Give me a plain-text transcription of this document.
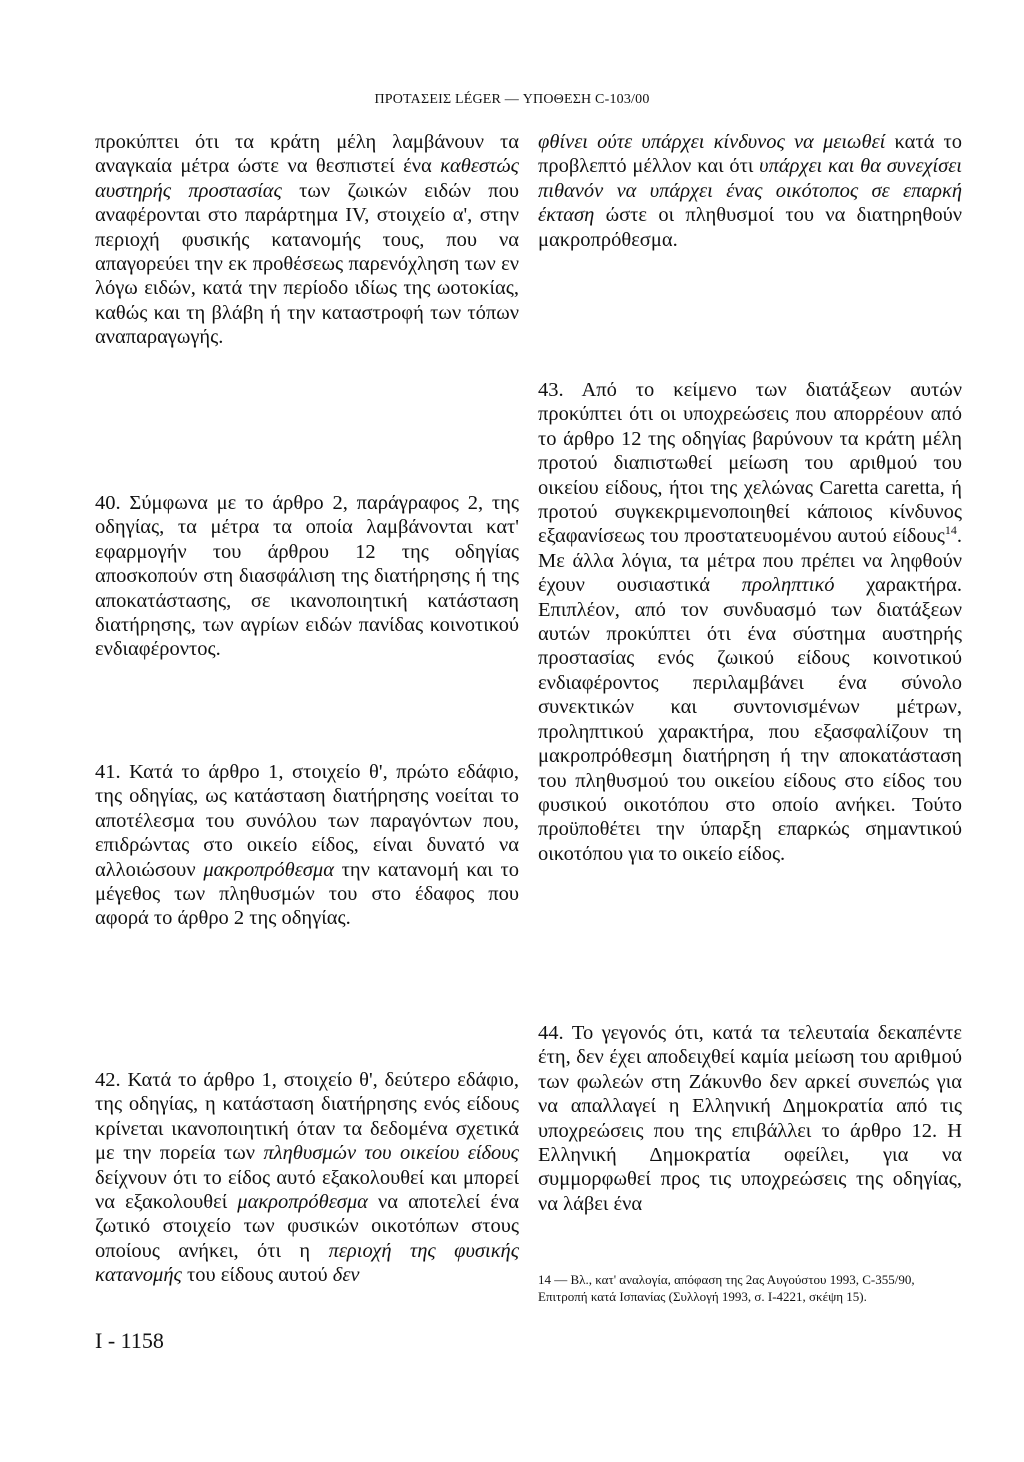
ΠΡΟΤΑΣΕΙΣ LÉGER — ΥΠΟΘΕΣΗ C-103/00

προκύπτει ότι τα κράτη μέλη λαμβάνουν τα αναγκαία μέτρα ώστε να θεσπιστεί ένα καθεστώς αυστηρής προστασίας των ζωικών ειδών που αναφέρονται στο παράρτημα IV, στοιχείο α', στην περιοχή φυσικής κατανομής τους, που να απαγορεύει την εκ προθέσεως παρενόχληση των εν λόγω ειδών, κατά την περίοδο ιδίως της ωοτοκίας, καθώς και τη βλάβη ή την καταστροφή των τόπων αναπαραγωγής.

40. Σύμφωνα με το άρθρο 2, παράγραφος 2, της οδηγίας, τα μέτρα τα οποία λαμβάνονται κατ' εφαρμογήν του άρθρου 12 της οδηγίας αποσκοπούν στη διασφάλιση της διατήρησης ή της αποκατάστασης, σε ικανοποιητική κατάσταση διατήρησης, των αγρίων ειδών πανίδας κοινοτικού ενδιαφέροντος.

41. Κατά το άρθρο 1, στοιχείο θ', πρώτο εδάφιο, της οδηγίας, ως κατάσταση διατήρησης νοείται το αποτέλεσμα του συνόλου των παραγόντων που, επιδρώντας στο οικείο είδος, είναι δυνατό να αλλοιώσουν μακροπρόθεσμα την κατανομή και το μέγεθος των πληθυσμών του στο έδαφος που αφορά το άρθρο 2 της οδηγίας.

42. Κατά το άρθρο 1, στοιχείο θ', δεύτερο εδάφιο, της οδηγίας, η κατάσταση διατήρησης ενός είδους κρίνεται ικανοποιητική όταν τα δεδομένα σχετικά με την πορεία των πληθυσμών του οικείου είδους δείχνουν ότι το είδος αυτό εξακολουθεί και μπορεί να εξακολουθεί μακροπρόθεσμα να αποτελεί ένα ζωτικό στοιχείο των φυσικών οικοτόπων στους οποίους ανήκει, ότι η περιοχή της φυσικής κατανομής του είδους αυτού δεν

I - 1158

φθίνει ούτε υπάρχει κίνδυνος να μειωθεί κατά το προβλεπτό μέλλον και ότι υπάρχει και θα συνεχίσει πιθανόν να υπάρχει ένας οικότοπος σε επαρκή έκταση ώστε οι πληθυσμοί του να διατηρηθούν μακροπρόθεσμα.

43. Από το κείμενο των διατάξεων αυτών προκύπτει ότι οι υποχρεώσεις που απορρέουν από το άρθρο 12 της οδηγίας βαρύνουν τα κράτη μέλη προτού διαπιστωθεί μείωση του αριθμού του οικείου είδους, ήτοι της χελώνας Caretta caretta, ή προτού συγκεκριμενοποιηθεί κάποιος κίνδυνος εξαφανίσεως του προστατευομένου αυτού είδους$^{14}$. Με άλλα λόγια, τα μέτρα που πρέπει να ληφθούν έχουν ουσιαστικά προληπτικό χαρακτήρα. Επιπλέον, από τον συνδυασμό των διατάξεων αυτών προκύπτει ότι ένα σύστημα αυστηρής προστασίας ενός ζωικού είδους κοινοτικού ενδιαφέροντος περιλαμβάνει ένα σύνολο συνεκτικών και συντονισμένων μέτρων, προληπτικού χαρακτήρα, που εξασφαλίζουν τη μακροπρόθεσμη διατήρηση ή την αποκατάσταση του πληθυσμού του οικείου είδους στο είδος του φυσικού οικοτόπου στο οποίο ανήκει. Τούτο προϋποθέτει την ύπαρξη επαρκώς σημαντικού οικοτόπου για το οικείο είδος.

44. Το γεγονός ότι, κατά τα τελευταία δεκαπέντε έτη, δεν έχει αποδειχθεί καμία μείωση του αριθμού των φωλεών στη Ζάκυνθο δεν αρκεί συνεπώς για να απαλλαγεί η Ελληνική Δημοκρατία από τις υποχρεώσεις που της επιβάλλει το άρθρο 12. Η Ελληνική Δημοκρατία οφείλει, για να συμμορφωθεί προς τις υποχρεώσεις της οδηγίας, να λάβει ένα

14 — Βλ., κατ' αναλογία, απόφαση της 2ας Αυγούστου 1993, C-355/90, Επιτροπή κατά Ισπανίας (Συλλογή 1993, σ. I-4221, σκέψη 15).
